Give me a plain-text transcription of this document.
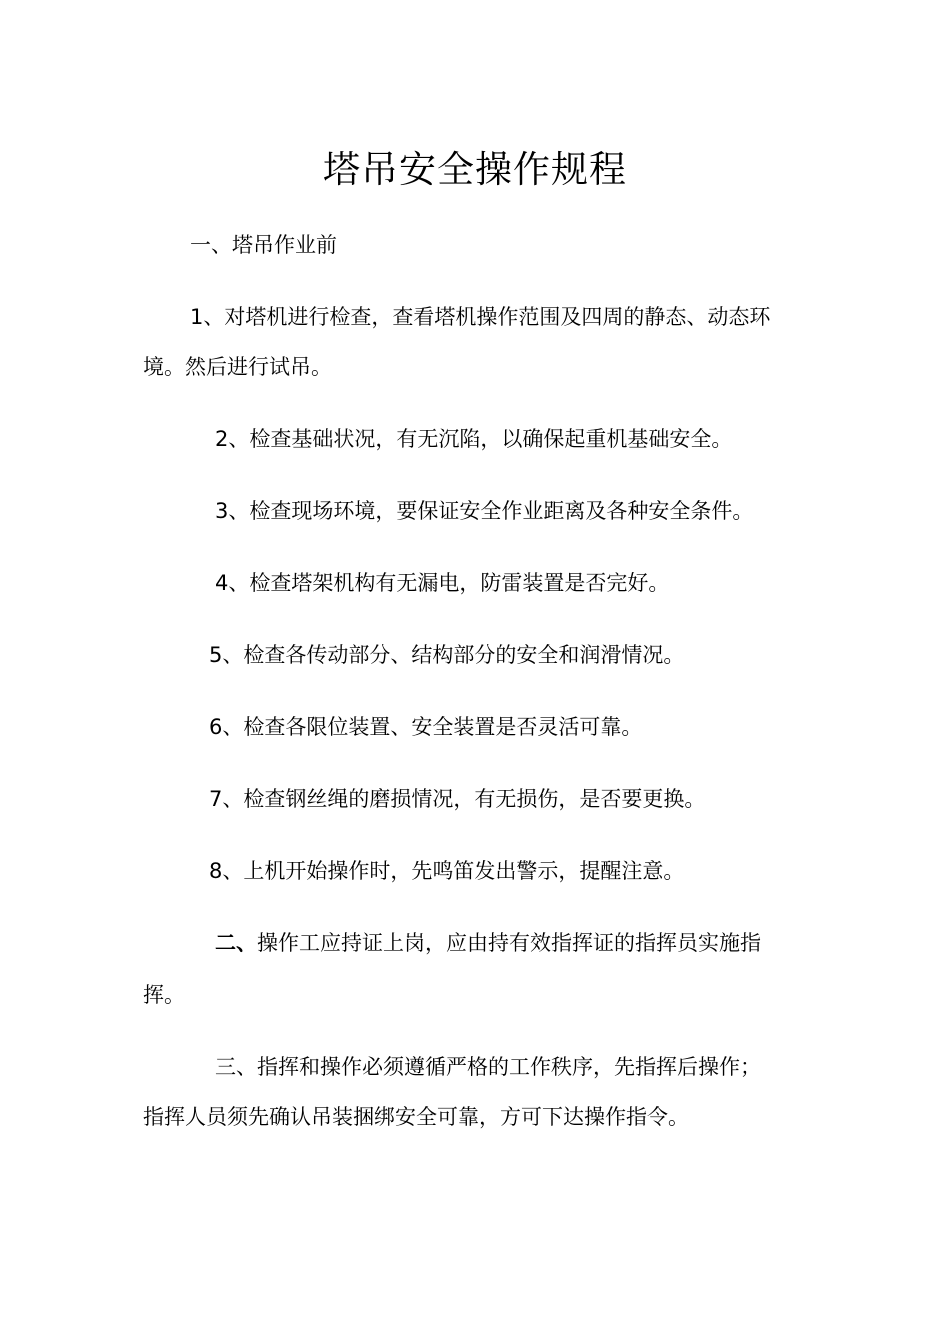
塔吊安全操作规程
一、塔吊作业前
1、对塔机进行检查，查看塔机操作范围及四周的静态、动态环
境。然后进行试吊。
2、检查基础状况，有无沉陷，以确保起重机基础安全。
3、检查现场环境，要保证安全作业距离及各种安全条件。
4、检查塔架机构有无漏电，防雷装置是否完好。
5、检查各传动部分、结构部分的安全和润滑情况。
6、检查各限位装置、安全装置是否灵活可靠。
7、检查钢丝绳的磨损情况，有无损伤，是否要更换。
8、上机开始操作时，先鸣笛发出警示，提醒注意。
二、操作工应持证上岗，应由持有效指挥证的指挥员实施指
挥。
三、指挥和操作必须遵循严格的工作秩序，先指挥后操作；
指挥人员须先确认吊装捆绑安全可靠，方可下达操作指令。
